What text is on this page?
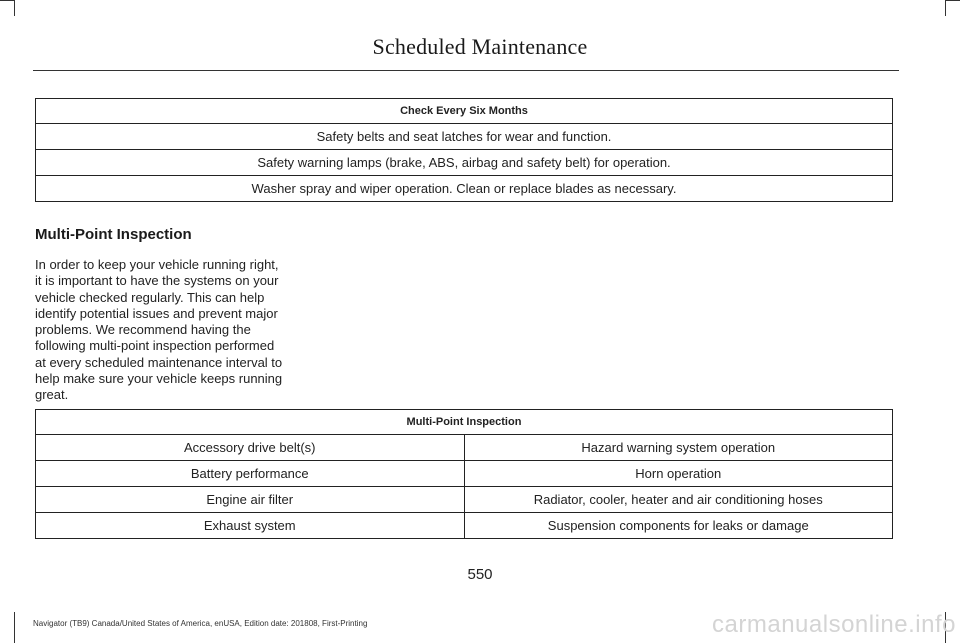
Scheduled Maintenance
Check Every Six Months
Safety belts and seat latches for wear and function.
Safety warning lamps (brake, ABS, airbag and safety belt) for operation.
Washer spray and wiper operation. Clean or replace blades as necessary.
Multi-Point Inspection
In order to keep your vehicle running right,
it is important to have the systems on your
vehicle checked regularly. This can help
identify potential issues and prevent major
problems. We recommend having the
following multi-point inspection performed
at every scheduled maintenance interval to
help make sure your vehicle keeps running
great.
Multi-Point Inspection	
Accessory drive belt(s)	Hazard warning system operation
Battery performance	Horn operation
Engine air filter	Radiator, cooler, heater and air conditioning hoses
Exhaust system	Suspension components for leaks or damage
550
Navigator (TB9) Canada/United States of America, enUSA, Edition date: 201808, First-Printing	carmanualsonline.info
